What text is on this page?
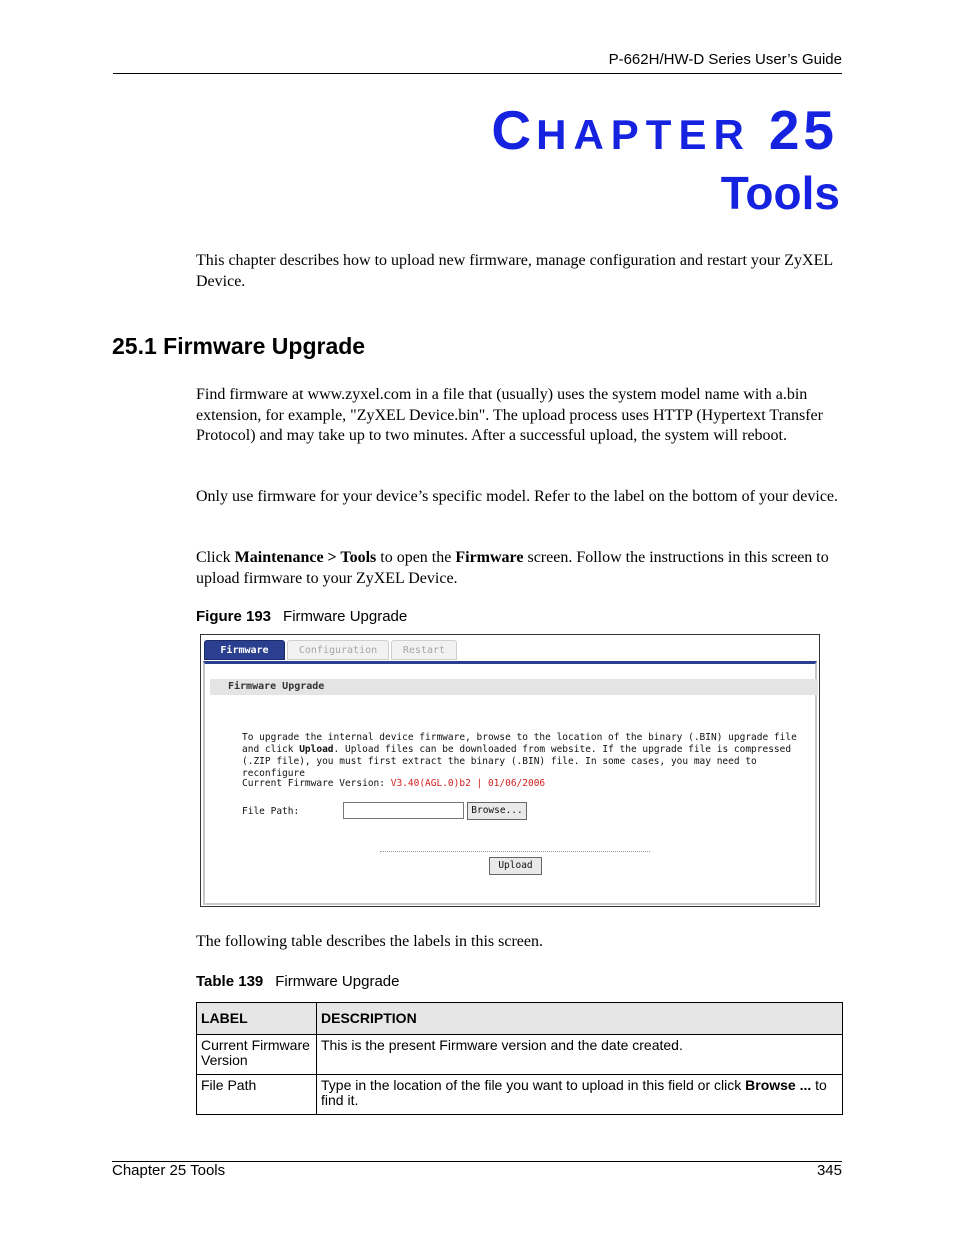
P-662H/HW-D Series User’s Guide
CHAPTER 25
Tools
This chapter describes how to upload new firmware, manage configuration and restart your ZyXEL Device.
25.1 Firmware Upgrade
Find firmware at www.zyxel.com in a file that (usually) uses the system model name with a.bin extension, for example, "ZyXEL Device.bin". The upload process uses HTTP (Hypertext Transfer Protocol) and may take up to two minutes. After a successful upload, the system will reboot.
Only use firmware for your device’s specific model. Refer to the label on the bottom of your device.
Click Maintenance > Tools to open the Firmware screen. Follow the instructions in this screen to upload firmware to your ZyXEL Device.
Figure 193 Firmware Upgrade
Firmware	Configuration	Restart
Firmware Upgrade
To upgrade the internal device firmware, browse to the location of the binary (.BIN) upgrade file and click Upload. Upload files can be downloaded from website. If the upgrade file is compressed (.ZIP file), you must first extract the binary (.BIN) file. In some cases, you may need to reconfigure
Current Firmware Version: V3.40(AGL.0)b2 | 01/06/2006
File Path:	Browse...
Upload
The following table describes the labels in this screen.
Table 139 Firmware Upgrade
LABEL	DESCRIPTION
Current Firmware Version	This is the present Firmware version and the date created.
File Path	Type in the location of the file you want to upload in this field or click Browse ... to find it.
Chapter 25 Tools	345
